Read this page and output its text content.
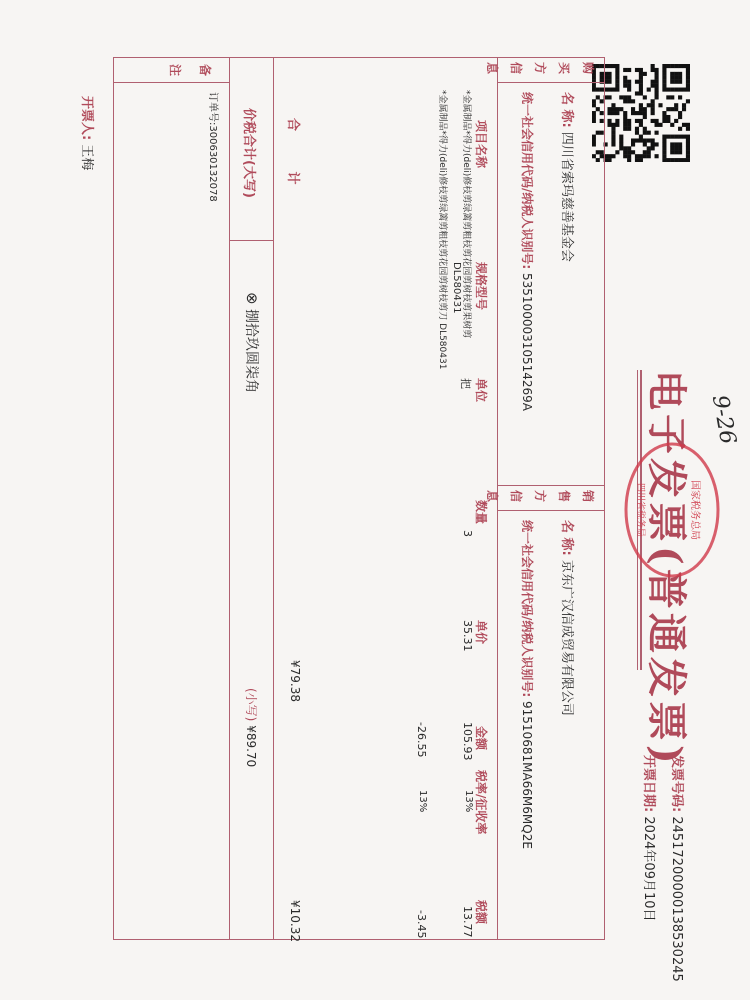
电子发票(普通发票) 9-26
国家税务总局
四川省税务局
发票号码: 24517200000138530245
开票日期: 2024年09月10日
购买方信息
名 称: 四川省索玛慈善基金会
统一社会信用代码/纳税人识别号: 53510000310514269A
销售方信息
名 称: 京东广汉信成贸易有限公司
统一社会信用代码/纳税人识别号: 91510681MA66M6MQ2E
项目名称
规格型号
单位
数量
单价
金额
税率/征收率
税额
*金属制品*得力(deli)修枝剪绿篱剪粗枝剪花园剪树枝剪果树剪
DL580431
把
3
35.31
105.93
13%
13.77
*金属制品*得力(deli)修枝剪绿篱剪粗枝剪花园剪树枝剪刀 DL580431
-26.55
13%
-3.45
合 计
¥79.38
¥10.32
价税合计(大写)
⊗ 捌拾玖圆柒角
(小写) ¥89.70
备注
订单号:300630132078
开票人: 王梅
